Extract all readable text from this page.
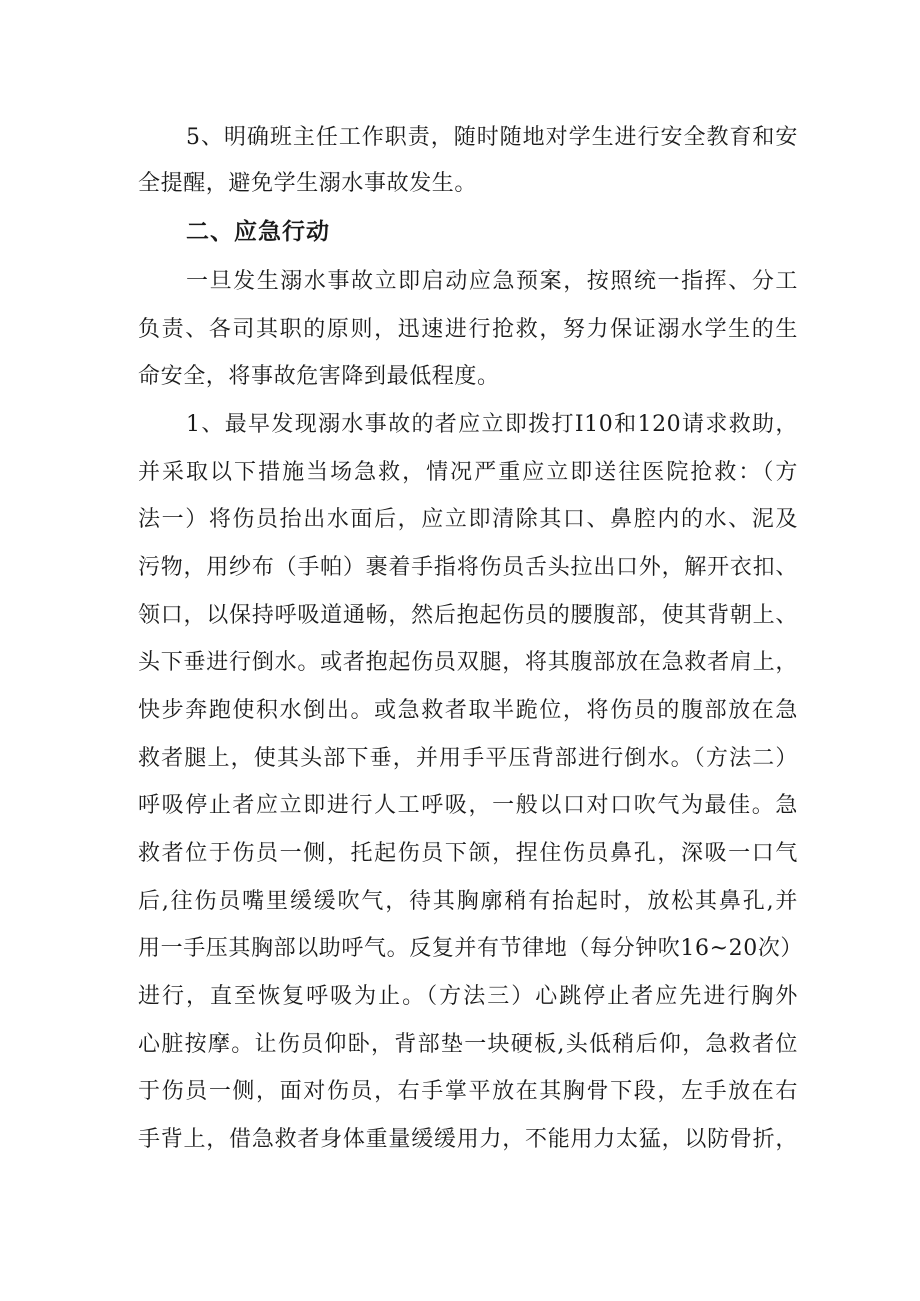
5、明确班主任工作职责，随时随地对学生进行安全教育和安
全提醒，避免学生溺水事故发生。
二、应急行动
一旦发生溺水事故立即启动应急预案，按照统一指挥、分工
负责、各司其职的原则，迅速进行抢救，努力保证溺水学生的生
命安全，将事故危害降到最低程度。
1、最早发现溺水事故的者应立即拨打I10和120请求救助，
并采取以下措施当场急救，情况严重应立即送往医院抢救：（方
法一）将伤员抬出水面后，应立即清除其口、鼻腔内的水、泥及
污物，用纱布（手帕）裹着手指将伤员舌头拉出口外，解开衣扣、
领口，以保持呼吸道通畅，然后抱起伤员的腰腹部，使其背朝上、
头下垂进行倒水。或者抱起伤员双腿，将其腹部放在急救者肩上，
快步奔跑使积水倒出。或急救者取半跪位，将伤员的腹部放在急
救者腿上，使其头部下垂，并用手平压背部进行倒水。（方法二）
呼吸停止者应立即进行人工呼吸，一般以口对口吹气为最佳。急
救者位于伤员一侧，托起伤员下颌，捏住伤员鼻孔，深吸一口气
后,往伤员嘴里缓缓吹气，待其胸廓稍有抬起时，放松其鼻孔,并
用一手压其胸部以助呼气。反复并有节律地（每分钟吹16~20次）
进行，直至恢复呼吸为止。（方法三）心跳停止者应先进行胸外
心脏按摩。让伤员仰卧，背部垫一块硬板,头低稍后仰，急救者位
于伤员一侧，面对伤员，右手掌平放在其胸骨下段，左手放在右
手背上，借急救者身体重量缓缓用力，不能用力太猛，以防骨折，
